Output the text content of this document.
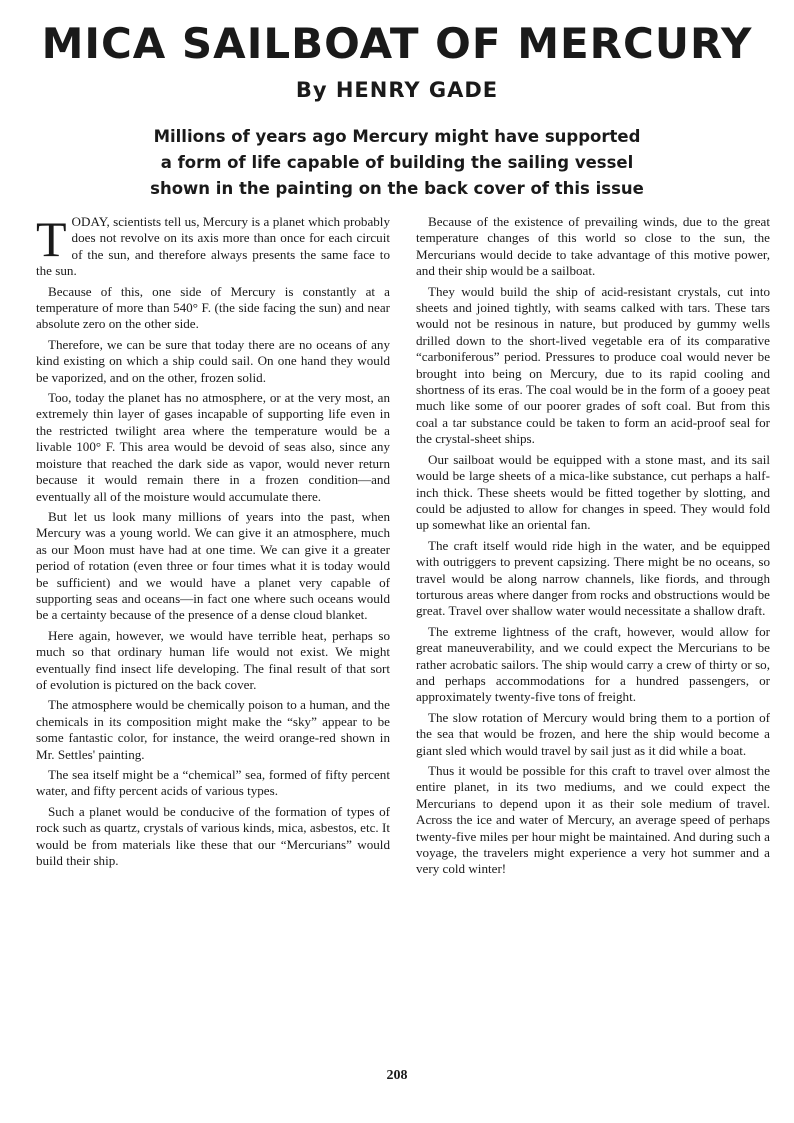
MICA SAILBOAT OF MERCURY
By HENRY GADE
Millions of years ago Mercury might have supported
a form of life capable of building the sailing vessel
shown in the painting on the back cover of this issue

TODAY, scientists tell us, Mercury is a planet which probably does not revolve on its axis more than once for each circuit of the sun, and therefore always presents the same face to the sun.

Because of this, one side of Mercury is constantly at a temperature of more than 540° F. (the side facing the sun) and near absolute zero on the other side.

Therefore, we can be sure that today there are no oceans of any kind existing on which a ship could sail. On one hand they would be vaporized, and on the other, frozen solid.

Too, today the planet has no atmosphere, or at the very most, an extremely thin layer of gases incapable of supporting life even in the restricted twilight area where the temperature would be a livable 100° F. This area would be devoid of seas also, since any moisture that reached the dark side as vapor, would never return because it would remain there in a frozen condition—and eventually all of the moisture would accumulate there.

But let us look many millions of years into the past, when Mercury was a young world. We can give it an atmosphere, much as our Moon must have had at one time. We can give it a greater period of rotation (even three or four times what it is today would be sufficient) and we would have a planet very capable of supporting seas and oceans—in fact one where such oceans would be a certainty because of the presence of a dense cloud blanket.

Here again, however, we would have terrible heat, perhaps so much so that ordinary human life would not exist. We might eventually find insect life developing. The final result of that sort of evolution is pictured on the back cover.

The atmosphere would be chemically poison to a human, and the chemicals in its composition might make the “sky” appear to be some fantastic color, for instance, the weird orange-red shown in Mr. Settles' painting.

The sea itself might be a “chemical” sea, formed of fifty percent water, and fifty percent acids of various types.

Such a planet would be conducive of the formation of types of rock such as quartz, crystals of various kinds, mica, asbestos, etc. It would be from materials like these that our “Mercurians” would build their ship.

Because of the existence of prevailing winds, due to the great temperature changes of this world so close to the sun, the Mercurians would decide to take advantage of this motive power, and their ship would be a sailboat.

They would build the ship of acid-resistant crystals, cut into sheets and joined tightly, with seams calked with tars. These tars would not be resinous in nature, but produced by gummy wells drilled down to the short-lived vegetable era of its comparative “carboniferous” period. Pressures to produce coal would never be brought into being on Mercury, due to its rapid cooling and shortness of its eras. The coal would be in the form of a gooey peat much like some of our poorer grades of soft coal. But from this coal a tar substance could be taken to form an acid-proof seal for the crystal-sheet ships.

Our sailboat would be equipped with a stone mast, and its sail would be large sheets of a mica-like substance, cut perhaps a half-inch thick. These sheets would be fitted together by slotting, and could be adjusted to allow for changes in speed. They would fold up somewhat like an oriental fan.

The craft itself would ride high in the water, and be equipped with outriggers to prevent capsizing. There might be no oceans, so travel would be along narrow channels, like fiords, and through torturous areas where danger from rocks and obstructions would be great. Travel over shallow water would necessitate a shallow draft.

The extreme lightness of the craft, however, would allow for great maneuverability, and we could expect the Mercurians to be rather acrobatic sailors. The ship would carry a crew of thirty or so, and perhaps accommodations for a hundred passengers, or approximately twenty-five tons of freight.

The slow rotation of Mercury would bring them to a portion of the sea that would be frozen, and here the ship would become a giant sled which would travel by sail just as it did while a boat.

Thus it would be possible for this craft to travel over almost the entire planet, in its two mediums, and we could expect the Mercurians to depend upon it as their sole medium of travel. Across the ice and water of Mercury, an average speed of perhaps twenty-five miles per hour might be maintained. And during such a voyage, the travelers might experience a very hot summer and a very cold winter!

208
